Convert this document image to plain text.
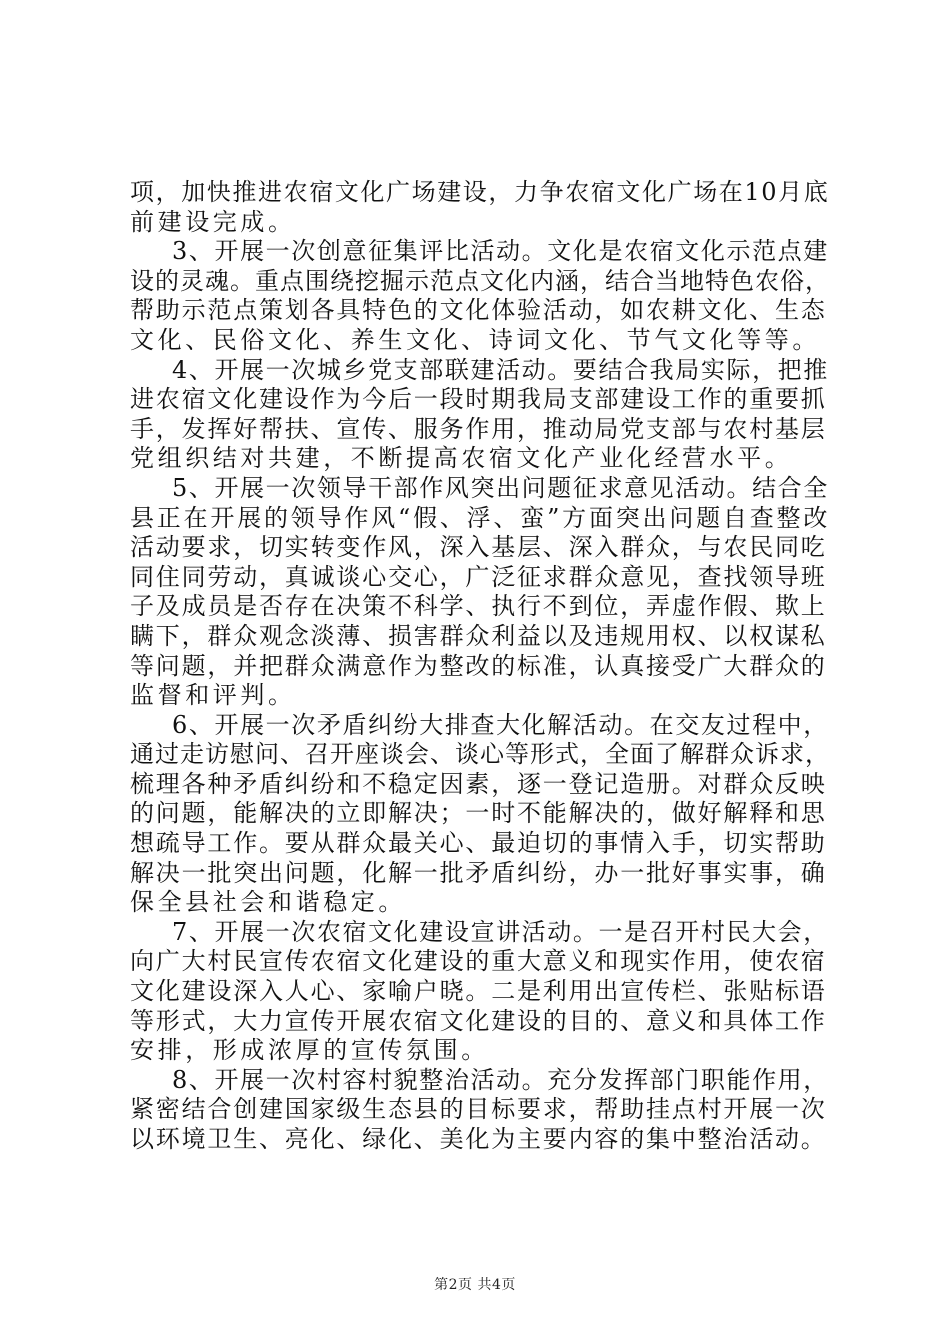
项，加快推进农宿文化广场建设，力争农宿文化广场在10月底
前建设完成。
3、开展一次创意征集评比活动。文化是农宿文化示范点建
设的灵魂。重点围绕挖掘示范点文化内涵，结合当地特色农俗，
帮助示范点策划各具特色的文化体验活动，如农耕文化、生态
文化、民俗文化、养生文化、诗词文化、节气文化等等。
4、开展一次城乡党支部联建活动。要结合我局实际，把推
进农宿文化建设作为今后一段时期我局支部建设工作的重要抓
手，发挥好帮扶、宣传、服务作用，推动局党支部与农村基层
党组织结对共建，不断提高农宿文化产业化经营水平。
5、开展一次领导干部作风突出问题征求意见活动。结合全
县正在开展的领导作风“假、浮、蛮”方面突出问题自查整改
活动要求，切实转变作风，深入基层、深入群众，与农民同吃
同住同劳动，真诚谈心交心，广泛征求群众意见，查找领导班
子及成员是否存在决策不科学、执行不到位，弄虚作假、欺上
瞒下，群众观念淡薄、损害群众利益以及违规用权、以权谋私
等问题，并把群众满意作为整改的标准，认真接受广大群众的
监督和评判。
6、开展一次矛盾纠纷大排查大化解活动。在交友过程中，
通过走访慰问、召开座谈会、谈心等形式，全面了解群众诉求，
梳理各种矛盾纠纷和不稳定因素，逐一登记造册。对群众反映
的问题，能解决的立即解决；一时不能解决的，做好解释和思
想疏导工作。要从群众最关心、最迫切的事情入手，切实帮助
解决一批突出问题，化解一批矛盾纠纷，办一批好事实事，确
保全县社会和谐稳定。
7、开展一次农宿文化建设宣讲活动。一是召开村民大会，
向广大村民宣传农宿文化建设的重大意义和现实作用，使农宿
文化建设深入人心、家喻户晓。二是利用出宣传栏、张贴标语
等形式，大力宣传开展农宿文化建设的目的、意义和具体工作
安排，形成浓厚的宣传氛围。
8、开展一次村容村貌整治活动。充分发挥部门职能作用，
紧密结合创建国家级生态县的目标要求，帮助挂点村开展一次
以环境卫生、亮化、绿化、美化为主要内容的集中整治活动。
第2页 共4页
